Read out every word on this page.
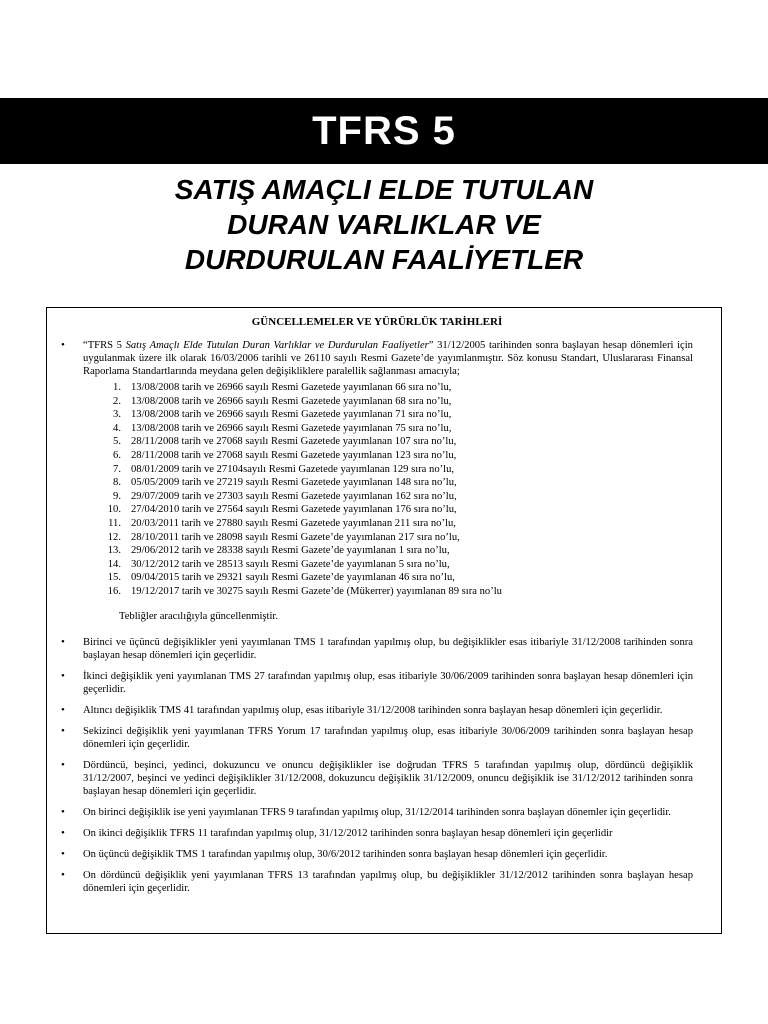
TFRS 5
SATIŞ AMAÇLI ELDE TUTULAN
DURAN VARLIKLAR VE
DURDURULAN FAALİYETLER
GÜNCELLEMELER VE YÜRÜRLÜK TARİHLERİ
• “TFRS 5 Satış Amaçlı Elde Tutulan Duran Varlıklar ve Durdurulan Faaliyetler” 31/12/2005 tarihinden sonra başlayan hesap dönemleri için uygulanmak üzere ilk olarak 16/03/2006 tarihli ve 26110 sayılı Resmi Gazete’de yayımlanmıştır. Söz konusu Standart, Uluslararası Finansal Raporlama Standartlarında meydana gelen değişikliklere paralellik sağlanması amacıyla;
1. 13/08/2008 tarih ve 26966 sayılı Resmi Gazetede yayımlanan 66 sıra no’lu,
2. 13/08/2008 tarih ve 26966 sayılı Resmi Gazetede yayımlanan 68 sıra no’lu,
3. 13/08/2008 tarih ve 26966 sayılı Resmi Gazetede yayımlanan 71 sıra no’lu,
4. 13/08/2008 tarih ve 26966 sayılı Resmi Gazetede yayımlanan 75 sıra no’lu,
5. 28/11/2008 tarih ve 27068 sayılı Resmi Gazetede yayımlanan 107 sıra no’lu,
6. 28/11/2008 tarih ve 27068 sayılı Resmi Gazetede yayımlanan 123 sıra no’lu,
7. 08/01/2009 tarih ve 27104sayılı Resmi Gazetede yayımlanan 129 sıra no’lu,
8. 05/05/2009 tarih ve 27219 sayılı Resmi Gazetede yayımlanan 148 sıra no’lu,
9. 29/07/2009 tarih ve 27303 sayılı Resmi Gazetede yayımlanan 162 sıra no’lu,
10. 27/04/2010 tarih ve 27564 sayılı Resmi Gazetede yayımlanan 176 sıra no’lu,
11. 20/03/2011 tarih ve 27880 sayılı Resmi Gazetede yayımlanan 211 sıra no’lu,
12. 28/10/2011 tarih ve 28098 sayılı Resmi Gazete’de yayımlanan 217 sıra no’lu,
13. 29/06/2012 tarih ve 28338 sayılı Resmi Gazete’de yayımlanan 1 sıra no’lu,
14. 30/12/2012 tarih ve 28513 sayılı Resmi Gazete’de yayımlanan 5 sıra no’lu,
15. 09/04/2015 tarih ve 29321 sayılı Resmi Gazete’de yayımlanan 46 sıra no’lu,
16. 19/12/2017 tarih ve 30275 sayılı Resmi Gazete’de (Mükerrer) yayımlanan 89 sıra no’lu
Tebliğler aracılığıyla güncellenmiştir.
• Birinci ve üçüncü değişiklikler yeni yayımlanan TMS 1 tarafından yapılmış olup, bu değişiklikler esas itibariyle 31/12/2008 tarihinden sonra başlayan hesap dönemleri için geçerlidir.
• İkinci değişiklik yeni yayımlanan TMS 27 tarafından yapılmış olup, esas itibariyle 30/06/2009 tarihinden sonra başlayan hesap dönemleri için geçerlidir.
• Altıncı değişiklik TMS 41 tarafından yapılmış olup, esas itibariyle 31/12/2008 tarihinden sonra başlayan hesap dönemleri için geçerlidir.
• Sekizinci değişiklik yeni yayımlanan TFRS Yorum 17 tarafından yapılmış olup, esas itibariyle 30/06/2009 tarihinden sonra başlayan hesap dönemleri için geçerlidir.
• Dördüncü, beşinci, yedinci, dokuzuncu ve onuncu değişiklikler ise doğrudan TFRS 5 tarafından yapılmış olup, dördüncü değişiklik 31/12/2007, beşinci ve yedinci değişiklikler 31/12/2008, dokuzuncu değişiklik 31/12/2009, onuncu değişiklik ise 31/12/2012 tarihinden sonra başlayan hesap dönemleri için geçerlidir.
• On birinci değişiklik ise yeni yayımlanan TFRS 9 tarafından yapılmış olup, 31/12/2014 tarihinden sonra başlayan dönemler için geçerlidir.
• On ikinci değişiklik TFRS 11 tarafından yapılmış olup, 31/12/2012 tarihinden sonra başlayan hesap dönemleri için geçerlidir
• On üçüncü değişiklik TMS 1 tarafından yapılmış olup, 30/6/2012 tarihinden sonra başlayan hesap dönemleri için geçerlidir.
• On dördüncü değişiklik yeni yayımlanan TFRS 13 tarafından yapılmış olup, bu değişiklikler 31/12/2012 tarihinden sonra başlayan hesap dönemleri için geçerlidir.
